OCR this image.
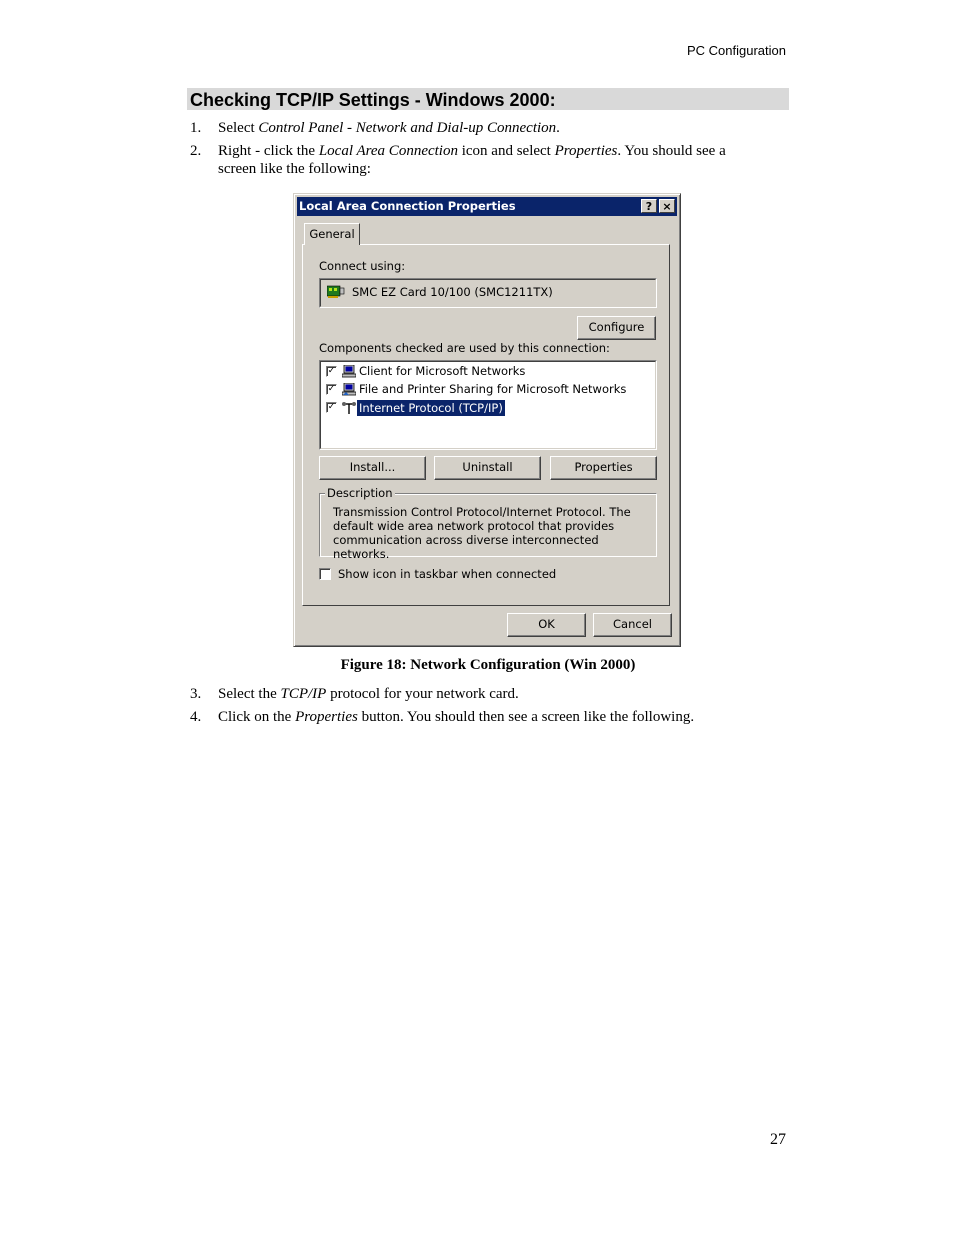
PC Configuration
Checking TCP/IP Settings - Windows 2000:
1.	Select Control Panel - Network and Dial-up Connection.
2.	Right - click the Local Area Connection icon and select Properties. You should see a screen like the following:
Local Area Connection Properties	? ×
General
Connect using:
SMC EZ Card 10/100 (SMC1211TX)
Configure
Components checked are used by this connection:
✓ Client for Microsoft Networks
✓ File and Printer Sharing for Microsoft Networks
✓ Internet Protocol (TCP/IP)
Install...	Uninstall	Properties
Description
Transmission Control Protocol/Internet Protocol. The default wide area network protocol that provides communication across diverse interconnected networks.
Show icon in taskbar when connected
OK	Cancel
Figure 18: Network Configuration (Win 2000)
3.	Select the TCP/IP protocol for your network card.
4.	Click on the Properties button. You should then see a screen like the following.
27
